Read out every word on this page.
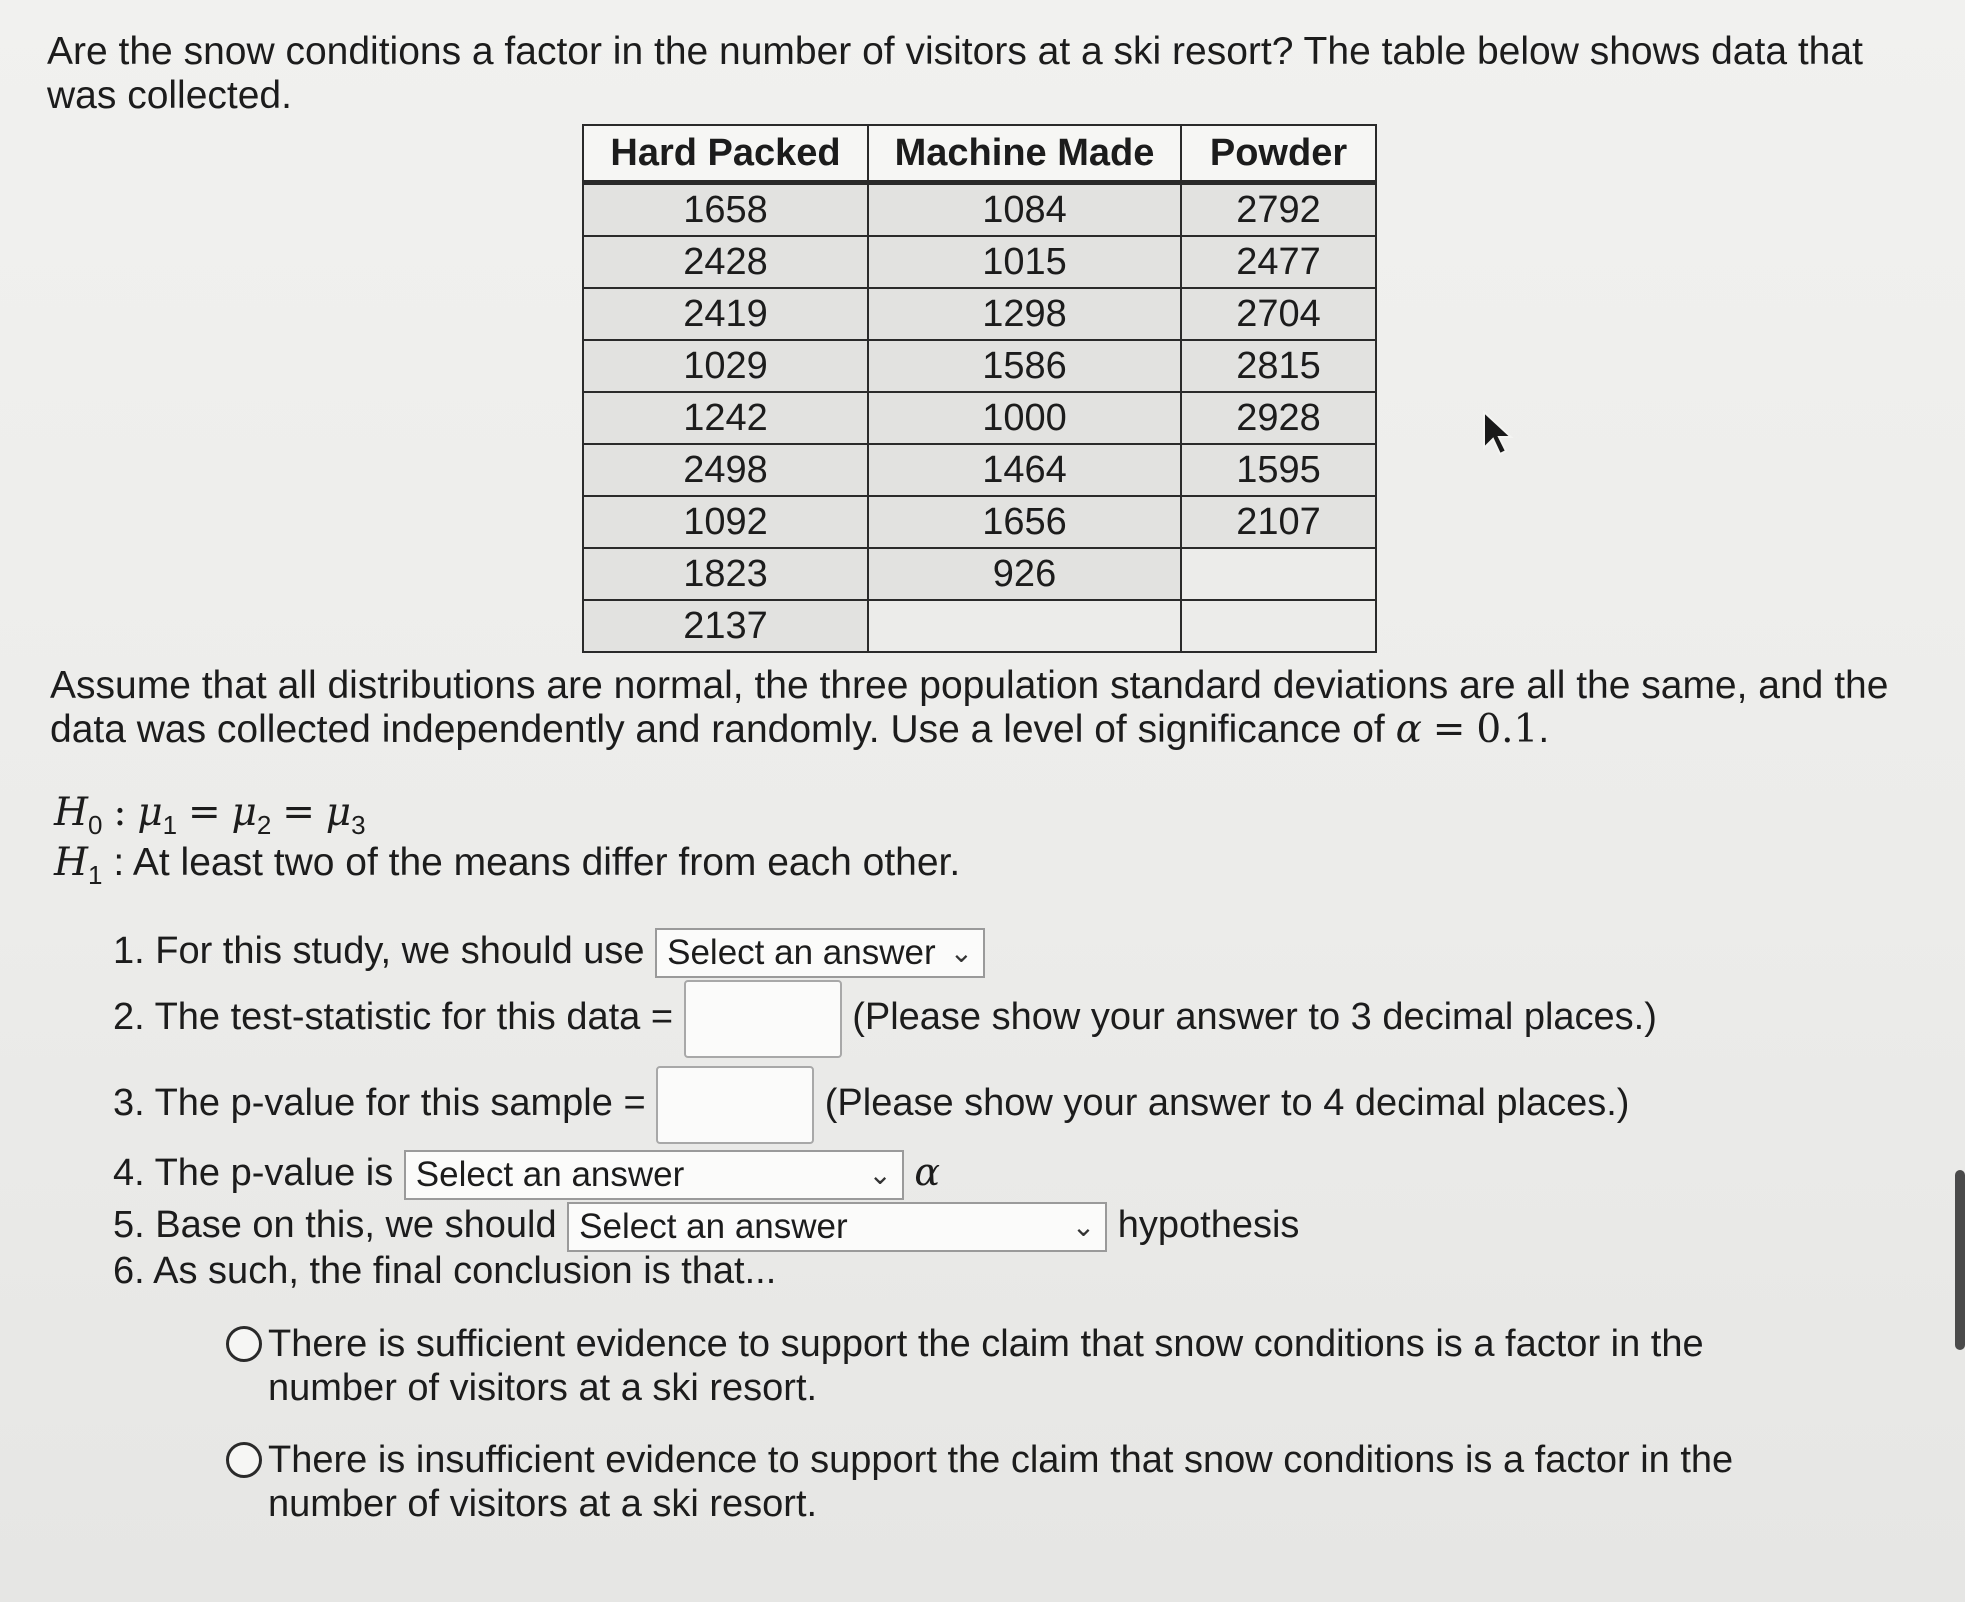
Are the snow conditions a factor in the number of visitors at a ski resort? The table below shows data that was collected.

Hard Packed	Machine Made	Powder
1658	1084	2792
2428	1015	2477
2419	1298	2704
1029	1586	2815
1242	1000	2928
2498	1464	1595
1092	1656	2107
1823	926	
2137		

Assume that all distributions are normal, the three population standard deviations are all the same, and the data was collected independently and randomly. Use a level of significance of α = 0.1.

$H_0$ : $\mu_1 = \mu_2 = \mu_3$
$H_1$ : At least two of the means differ from each other.
1. For this study, we should use Select an answer ⌄
2. The test-statistic for this data =	(Please show your answer to 3 decimal places.)
3. The p-value for this sample =	(Please show your answer to 4 decimal places.)
4. The p-value is Select an answer	⌄ α
5. Base on this, we should Select an answer	⌄ hypothesis
6. As such, the final conclusion is that...
There is sufficient evidence to support the claim that snow conditions is a factor in the number of visitors at a ski resort.
There is insufficient evidence to support the claim that snow conditions is a factor in the number of visitors at a ski resort.
